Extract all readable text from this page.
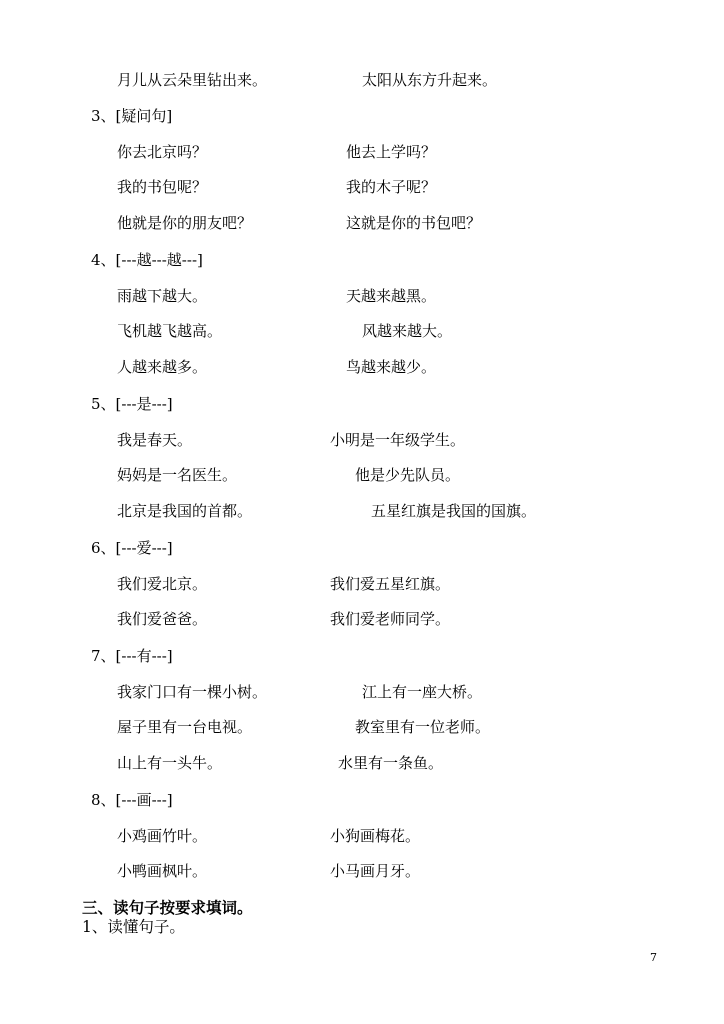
月儿从云朵里钻出来。	太阳从东方升起来。
3、[疑问句]
你去北京吗？	他去上学吗？
我的书包呢？	我的木子呢？
他就是你的朋友吧？	这就是你的书包吧？
4、[---越---越---]
雨越下越大。	天越来越黑。
飞机越飞越高。	风越来越大。
人越来越多。	鸟越来越少。
5、[---是---]
我是春天。	小明是一年级学生。
妈妈是一名医生。	他是少先队员。
北京是我国的首都。	五星红旗是我国的国旗。
6、[---爱---]
我们爱北京。	我们爱五星红旗。
我们爱爸爸。	我们爱老师同学。
7、[---有---]
我家门口有一棵小树。	江上有一座大桥。
屋子里有一台电视。	教室里有一位老师。
山上有一头牛。	水里有一条鱼。
8、[---画---]
小鸡画竹叶。	小狗画梅花。
小鸭画枫叶。	小马画月牙。
三、读句子按要求填词。
1、读懂句子。
7
